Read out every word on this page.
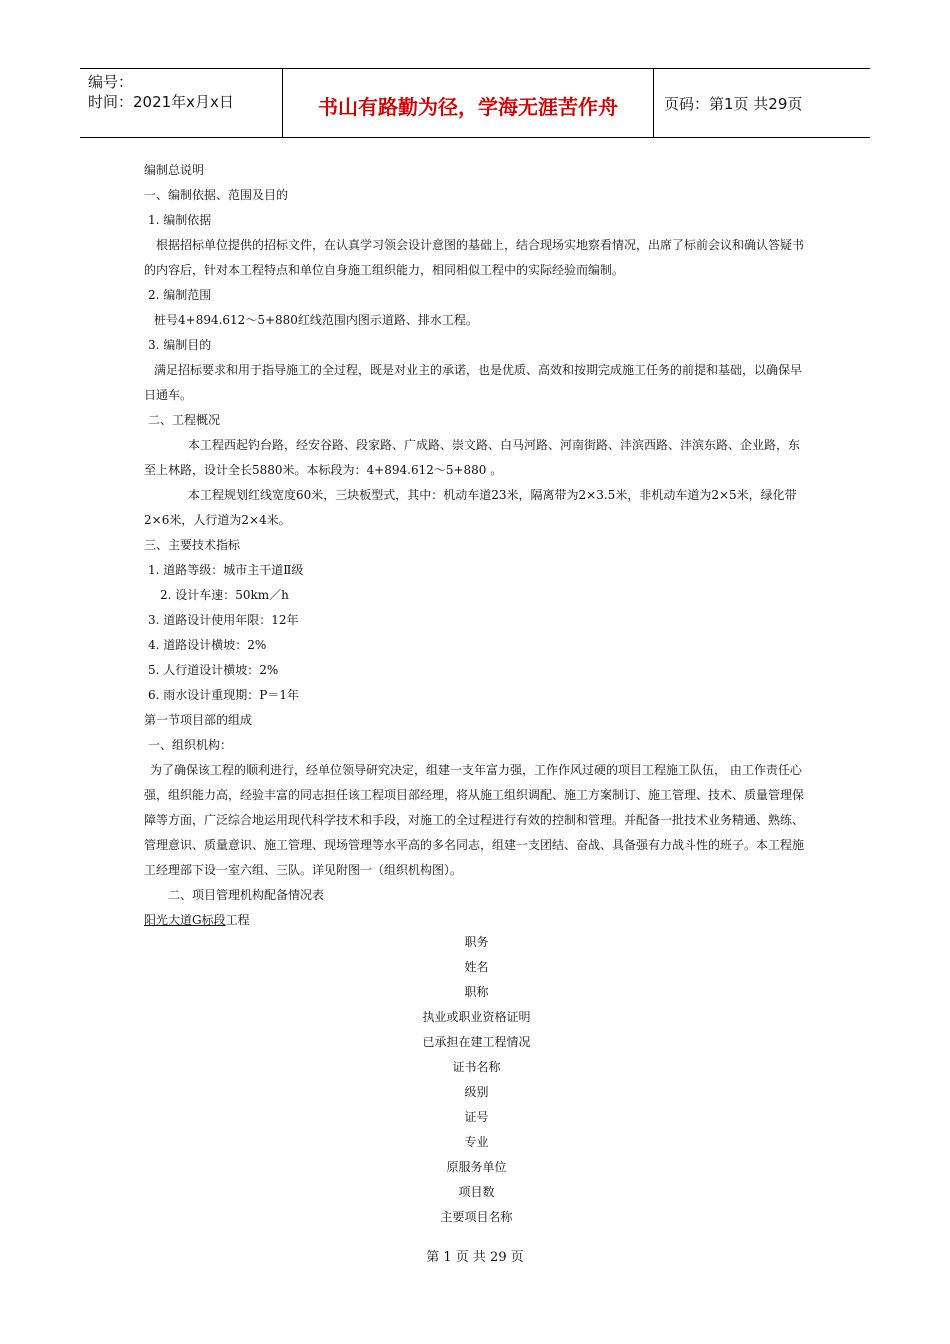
编号：
时间：2021年x月x日	书山有路勤为径，学海无涯苦作舟	页码：第1页 共29页

编制总说明

一、编制依据、范围及目的

1. 编制依据

根据招标单位提供的招标文件，在认真学习领会设计意图的基础上，结合现场实地察看情况，出席了标前会议和确认答疑书的内容后，针对本工程特点和单位自身施工组织能力，相同相似工程中的实际经验而编制。

2. 编制范围

桩号4+894.612～5+880红线范围内图示道路、排水工程。

3. 编制目的

满足招标要求和用于指导施工的全过程，既是对业主的承诺，也是优质、高效和按期完成施工任务的前提和基础，以确保早日通车。

二、工程概况

本工程西起钓台路，经安谷路、段家路、广成路、崇文路、白马河路、河南街路、沣滨西路、沣滨东路、企业路，东至上林路，设计全长5880米。本标段为：4+894.612～5+880 。

本工程规划红线宽度60米，三块板型式，其中：机动车道23米，隔离带为2×3.5米，非机动车道为2×5米，绿化带2×6米，人行道为2×4米。

三、主要技术指标

1. 道路等级：城市主干道Ⅱ级

2. 设计车速：50km／h

3. 道路设计使用年限：12年

4. 道路设计横坡：2%

5. 人行道设计横坡：2%

6. 雨水设计重现期：P＝1年

第一节项目部的组成

一、组织机构：

为了确保该工程的顺利进行，经单位领导研究决定，组建一支年富力强，工作作风过硬的项目工程施工队伍， 由工作责任心强，组织能力高，经验丰富的同志担任该工程项目部经理，将从施工组织调配、施工方案制订、施工管理、技术、质量管理保障等方面，广泛综合地运用现代科学技术和手段，对施工的全过程进行有效的控制和管理。并配备一批技术业务精通、熟练、管理意识、质量意识、施工管理、现场管理等水平高的多名同志，组建一支团结、奋战、具备强有力战斗性的班子。本工程施工经理部下设一室六组、三队。详见附图一（组织机构图）。

二、项目管理机构配备情况表

阳光大道G标段工程

职务
姓名
职称
执业或职业资格证明
已承担在建工程情况
证书名称
级别
证号
专业
原服务单位
项目数
主要项目名称
第 1 页 共 29 页
